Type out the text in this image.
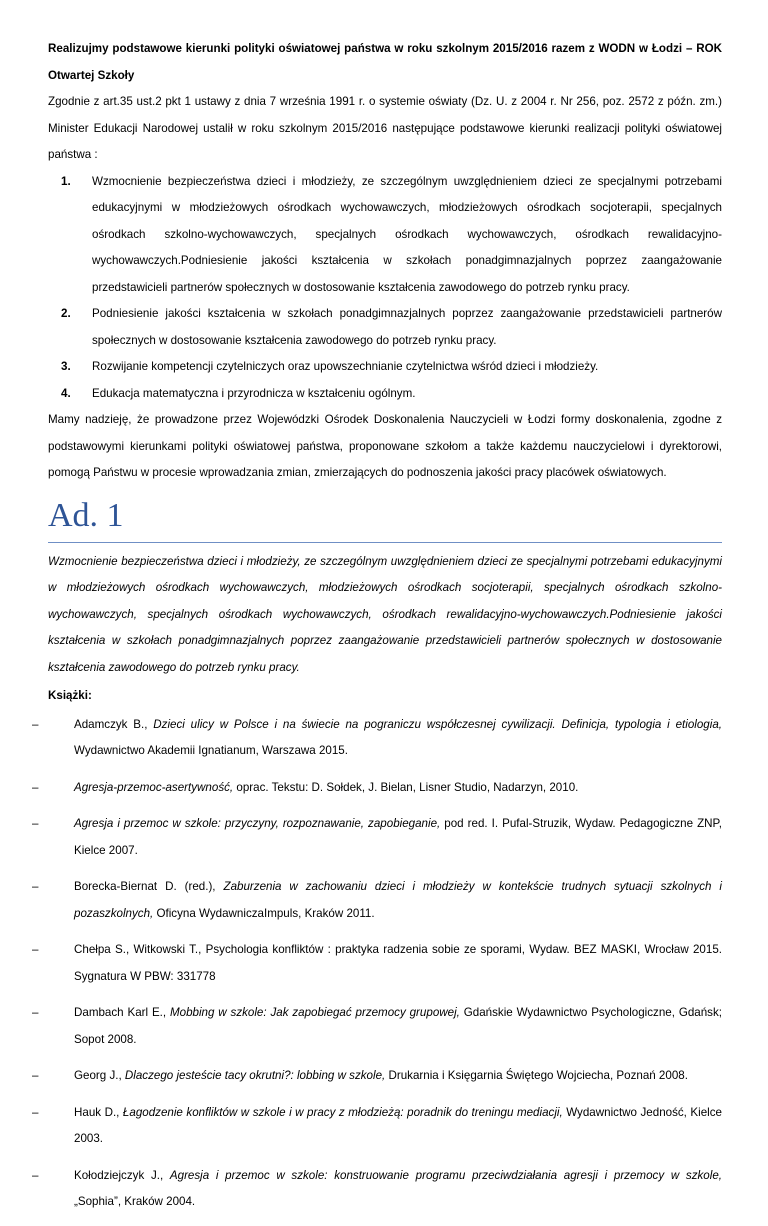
Realizujmy podstawowe kierunki polityki oświatowej państwa w roku szkolnym 2015/2016 razem z WODN w Łodzi – ROK Otwartej Szkoły

Zgodnie z art.35 ust.2 pkt 1 ustawy z dnia 7 września 1991 r. o systemie oświaty (Dz. U. z 2004 r. Nr 256, poz. 2572 z późn. zm.) Minister Edukacji Narodowej ustalił w roku szkolnym 2015/2016 następujące podstawowe kierunki realizacji polityki oświatowej państwa :

1. Wzmocnienie bezpieczeństwa dzieci i młodzieży, ze szczególnym uwzględnieniem dzieci ze specjalnymi potrzebami edukacyjnymi w młodzieżowych ośrodkach wychowawczych, młodzieżowych ośrodkach socjoterapii, specjalnych ośrodkach szkolno-wychowawczych, specjalnych ośrodkach wychowawczych, ośrodkach rewalidacyjno-wychowawczych.Podniesienie jakości kształcenia w szkołach ponadgimnazjalnych poprzez zaangażowanie przedstawicieli partnerów społecznych w dostosowanie kształcenia zawodowego do potrzeb rynku pracy.
2. Podniesienie jakości kształcenia w szkołach ponadgimnazjalnych poprzez zaangażowanie przedstawicieli partnerów społecznych w dostosowanie kształcenia zawodowego do potrzeb rynku pracy.
3. Rozwijanie kompetencji czytelniczych oraz upowszechnianie czytelnictwa wśród dzieci i młodzieży.
4. Edukacja matematyczna i przyrodnicza w kształceniu ogólnym.

Mamy nadzieję, że prowadzone przez Wojewódzki Ośrodek Doskonalenia Nauczycieli w Łodzi formy doskonalenia, zgodne z podstawowymi kierunkami polityki oświatowej państwa, proponowane szkołom a także każdemu nauczycielowi i dyrektorowi, pomogą Państwu w procesie wprowadzania zmian, zmierzających do podnoszenia jakości pracy placówek oświatowych.

Ad. 1

Wzmocnienie bezpieczeństwa dzieci i młodzieży, ze szczególnym uwzględnieniem dzieci ze specjalnymi potrzebami edukacyjnymi w młodzieżowych ośrodkach wychowawczych, młodzieżowych ośrodkach socjoterapii, specjalnych ośrodkach szkolno-wychowawczych, specjalnych ośrodkach wychowawczych, ośrodkach rewalidacyjno-wychowawczych.Podniesienie jakości kształcenia w szkołach ponadgimnazjalnych poprzez zaangażowanie przedstawicieli partnerów społecznych w dostosowanie kształcenia zawodowego do potrzeb rynku pracy.

Książki:
–	Adamczyk B., Dzieci ulicy w Polsce i na świecie na pograniczu współczesnej cywilizacji. Definicja, typologia i etiologia, Wydawnictwo Akademii Ignatianum, Warszawa 2015.
–	Agresja-przemoc-asertywność, oprac. Tekstu: D. Sołdek, J. Bielan, Lisner Studio, Nadarzyn, 2010.
–	Agresja i przemoc w szkole: przyczyny, rozpoznawanie, zapobieganie, pod red. I. Pufal-Struzik, Wydaw. Pedagogiczne ZNP, Kielce 2007.
–	Borecka-Biernat D. (red.), Zaburzenia w zachowaniu dzieci i młodzieży w kontekście trudnych sytuacji szkolnych i pozaszkolnych, Oficyna WydawniczaImpuls, Kraków 2011.
–	Chełpa S., Witkowski T., Psychologia konfliktów : praktyka radzenia sobie ze sporami, Wydaw. BEZ MASKI, Wrocław 2015. Sygnatura W PBW: 331778
–	Dambach Karl E., Mobbing w szkole: Jak zapobiegać przemocy grupowej, Gdańskie Wydawnictwo Psychologiczne, Gdańsk; Sopot 2008.
–	Georg J., Dlaczego jesteście tacy okrutni?: lobbing w szkole, Drukarnia i Księgarnia Świętego Wojciecha, Poznań 2008.
–	Hauk D., Łagodzenie konfliktów w szkole i w pracy z młodzieżą: poradnik do treningu mediacji, Wydawnictwo Jedność, Kielce 2003.
–	Kołodziejczyk J., Agresja i przemoc w szkole: konstruowanie programu przeciwdziałania agresji i przemocy w szkole, „Sophia”, Kraków 2004.
